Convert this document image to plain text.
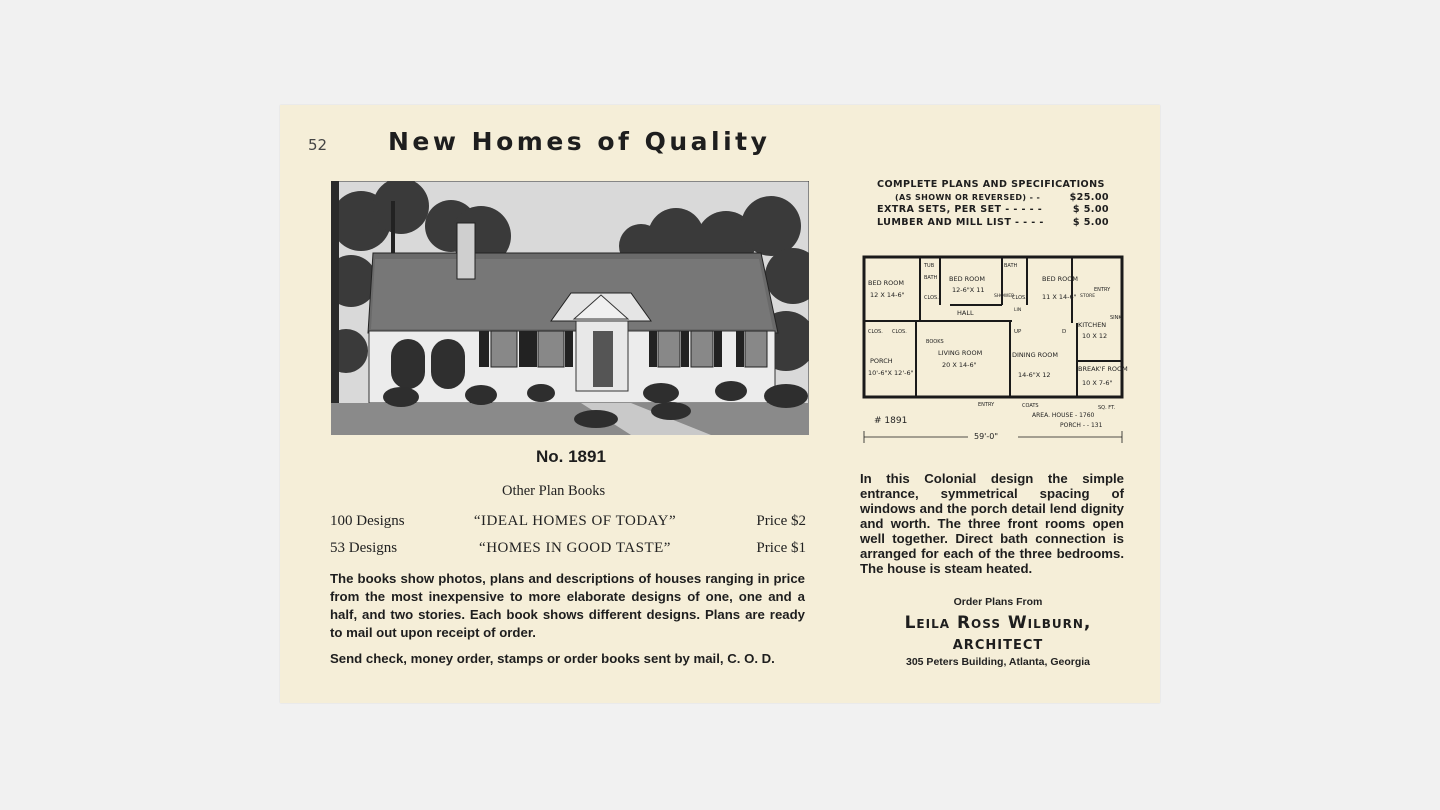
52 New Homes of Quality
No. 1891
Other Plan Books
100 Designs	“IDEAL HOMES OF TODAY”	Price $2
53 Designs	“HOMES IN GOOD TASTE”	Price $1
The books show photos, plans and descriptions of houses ranging in price from the most inexpensive to more elaborate designs of one, one and a half, and two stories. Each book shows different designs. Plans are ready to mail out upon receipt of order.
Send check, money order, stamps or order books sent by mail, C. O. D.
COMPLETE PLANS AND SPECIFICATIONS
(AS SHOWN OR REVERSED) - -	$25.00
EXTRA SETS, PER SET - - - - -	$ 5.00
LUMBER AND MILL LIST - - - -	$ 5.00
BED ROOM
12 X 14-6"
BED ROOM
12-6"X 11
BED ROOM
11 X 14-6"
KITCHEN
10 X 12
LIVING ROOM
20 X 14-6"
DINING ROOM
14-6"X 12
BREAK'F ROOM
10 X 7-6"
PORCH
10'-6"X 12'-6"
HALL
BATH
BATH
TUB
CLOS.	CLOS.
CLOS. CLOS.
BOOKS
UP	D
ENTRY
ENTRY
COATS
STORE
SHOWER
LIN
SINK
# 1891
59'-0"
SQ. FT.
AREA. HOUSE - 1760
PORCH - - 131
In this Colonial design the simple entrance, symmetrical spacing of windows and the porch detail lend dignity and worth. The three front rooms open well together. Direct bath connection is arranged for each of the three bedrooms. The house is steam heated.
Order Plans From
Leila Ross Wilburn,
ARCHITECT
305 Peters Building, Atlanta, Georgia
